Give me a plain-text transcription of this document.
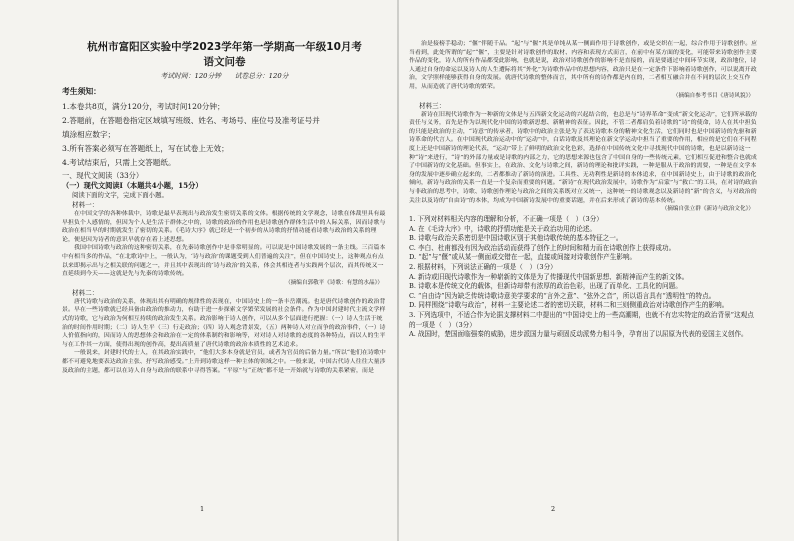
杭州市富阳区实验中学2023学年第一学期高一年级10月考
语文问卷
考试时间：120分钟　　试卷总分：120分
考生须知：
1.本卷共8页，满分120分，考试时间120分钟；
2.答题前，在答题卷指定区域填写班级、姓名、考场号、座位号及准考证号并
填涂相应数字；
3.所有答案必须写在答题纸上，写在试卷上无效；
4.考试结束后，只需上交答题纸。
一、现代文阅读（33分）
（一）现代文阅读Ⅰ（本题共4小题，15分）
阅读下面的文字，完成下面小题。
材料一：

在中国文学的各种体裁中，诗歌是最早表现出与政治发生密切关系的文体。根据传统的文学观念，诗歌在体裁里具有最早担负个人感情的，但因为个人是生活于群体之中的，诗歌的政治的作用也是诗歌创作群体生活中的人际关系，因而诗歌与政治在相当早的时期就发生了密切的关系。《毛诗大序》就已经是一个初步的从诗歌的抒情功能看诗歌与政治的关系的理论，便是因为诗者的意识早就存在着上述思想。

我国中国诗歌与政治的这种密切关系，在先秦诗歌创作中是非常明显的。可以说是中国诗歌发展的一条主线。三百篇本中有相当多的作品，“在北歌诗中上，一般认为，‘诗与政治’的课题受到人们普遍的关注”，但在中国诗史上，这种观点有点以来即揭示出与之相关联的问题之一，并且其中表现出的‘诗与政治’的关系，体会其相连者与实践两个层次，而其传统又一直延续到今天——这就是先与先秦的诗歌传统。

（摘编自郭敬平《诗歌：有慧的水晶》）
材料二：

唐代诗歌与政治的关系，体现出其有明确的规律性的表现在，中国诗史上的一条丰岳潮流。也是唐代诗歌创作的政治背景。早在一些诗歌就已经具备由政治的推动力，有助于进一步探索文学繁荣发展的社会条件。作为中国封建时代主流文学样式的诗歌，它与政治为何相互持续的政治发生关系。政治影响于诗人创作，可以从多个层面进行把握：（一）诗人生活于统治的时间作用时期；（二）诗人生平（三）行走政治；（四）诗人观念背景发，（五）两种诗人对立而争的政治事件，（一）诗人价值指向的，因而诗人的思想体会和政治在一定的体系制约和影响等，对对诗人对诗歌的态度的各种特点，而以人的生平与在工作其一方面，使得出现的创作高，提出高质量了唐代诗歌的政治本质性的艺术追求。

一般说来，封建时代的士人，在其政治实践中，“他们大多本身就是官员，或者为官员的后备力量。”所以“他们在诗歌中都不可避免地要表达政治主张、抒写政治感受。”上升到诗歌这样一种主体的领域之中。一般来说，中国古代诗人往往大量涉及政治的主题，都可以在诗人自身与政治的联系中寻得答案。“平原”与“正统”都不是一开始就与诗歌的关系紧密，而是

1

治是接榜手稳动；“偃”伴随千品。“起”与“偃”其是单纯从某一侧面作用于诗歌创作，或是交织在一起，综合作用于诗歌创作。应当看到，此处所谓的“起”“偃”，主要是针对诗歌创作的取材、内容和表现方式而言，在前中有某方面的变化，可能带来诗歌创作主要作品的变化，诗人的所有作品都受此影响，也就是说，政治对诗歌创作的影响不是直接的，而是要通过中间环节实现，政治地位，诗人通过自身的命运以及诗人的人生遭际将其“外化”为诗歌作品中的思想内容，政治只是在一定条件下影响着诗歌创作，可以说离开政治，文学照样能够获得自身的发展。就唐代诗歌的整体而言，其中所有的诗作都是内在的，二者相互融合并在不同的层次上交互作用，从而造就了唐代诗歌的繁荣。

（摘编自参考书目《唐诗风貌》）
材料三：

新诗在旧现代诗歌作为一种新的文体是与五四新文化运动的兴起结合的，也总是与“诗界革命”变成“新文化运动”，它们所承载的责任与义务，首先是作为以现代化中国的诗歌新思想、新精神的表征。因此，不管二者都肩负着诗歌的“诗”的使命，诗人在其中担负的只能是政治的主动，“诗意”的传承者，诗歌中的政治主张是为了表达诗歌本身的精神文化生活，它们同时也是中国新诗的先驱和新诗革命的代言人。在中国现代政治运动中的“运动”中，白话诗歌及其理论在新文学运动中担当了重要的作用，相应的是它们在不同程度上还是中国新诗的理论代表，“运动”带上了鲜明的政治文化色彩，选择在中国传统文化中寻找现代中国的诗歌，也是以新诗这一种“诗”来进行，“诗”的外部力量或是诗歌的内部之力，它的思想来源也包含了中国自身的一些传统元素，它们相互促进和整合也就成了中国新诗的文化基础。但事实上，在政治、文化与诗歌之间，新诗的理论和批评实践，一种是服从于政治的需要，一种是在文学本身的发展中逐步确立起来的，二者都推动了新诗的演进。工具性、无功利性是新诗的本体追求，在中国新诗史上，由于诗歌的政治化倾向，新诗与政治的关系一直是一个复杂而重要的问题。“新诗”在现代政治发展中，诗歌作为“启蒙”与“救亡”的工具，在对诗的政治与非政治的思考中，诗歌、诗歌创作理论与政治之间的关系既对立又统一，这种统一的诗歌观念以及新诗的“新”的含义，与对政治的关注以及诗的“自由诗”的本体，均成为中国新诗发展中的重要话题，并在后来形成了新诗的基本传统。

（摘编自张立群《新诗与政治文化》）
1. 下列对材料相关内容的理解和分析，不正确一项是（　）（3分）
A. 在《毛诗大序》中，诗歌的抒情功能是关于政治功用的论述。
B. 诗歌与政治关系密切是中国诗歌区别于其他诗歌传统的基本特征之一。
C. 李白、杜甫都没有因为政治活动而获得了创作上的时间和精力而在诗歌创作上获得成功。
D. “起”与“偃”或从某一侧面或交错在一起，直接或间接对诗歌创作产生影响。
2. 根据材料，下列说法正确的一项是（　）（3分）
A. 新诗或旧现代诗歌作为一种崭新的文体是为了传播现代中国新思想、新精神而产生的新文体。
B. 诗歌本是传统文化的载体，但新诗却带有浓厚的政治色彩，出现了而单化、工具化的问题。
C. “自由诗”因为缺乏传统诗歌诗意美学要求的“言外之意”、“弦外之音”，所以语言具有“透明性”的特点。
D. 同样围绕“诗歌与政治”，材料一主要论述二者的密切关联，材料二和三则侧重政治对诗歌创作产生的影响。
3. 下列选项中，不适合作为论据支撑材料二中提出的“中国诗史上的一些高潮期，也就不有忠实特定的政治背景”这观点的一项是（　）（3分）
A. 战国时，楚国面临强秦的威胁，进步派国力量与顽固反动派势力相斗争，孕育出了以屈原为代表的爱国主义创作。
2
